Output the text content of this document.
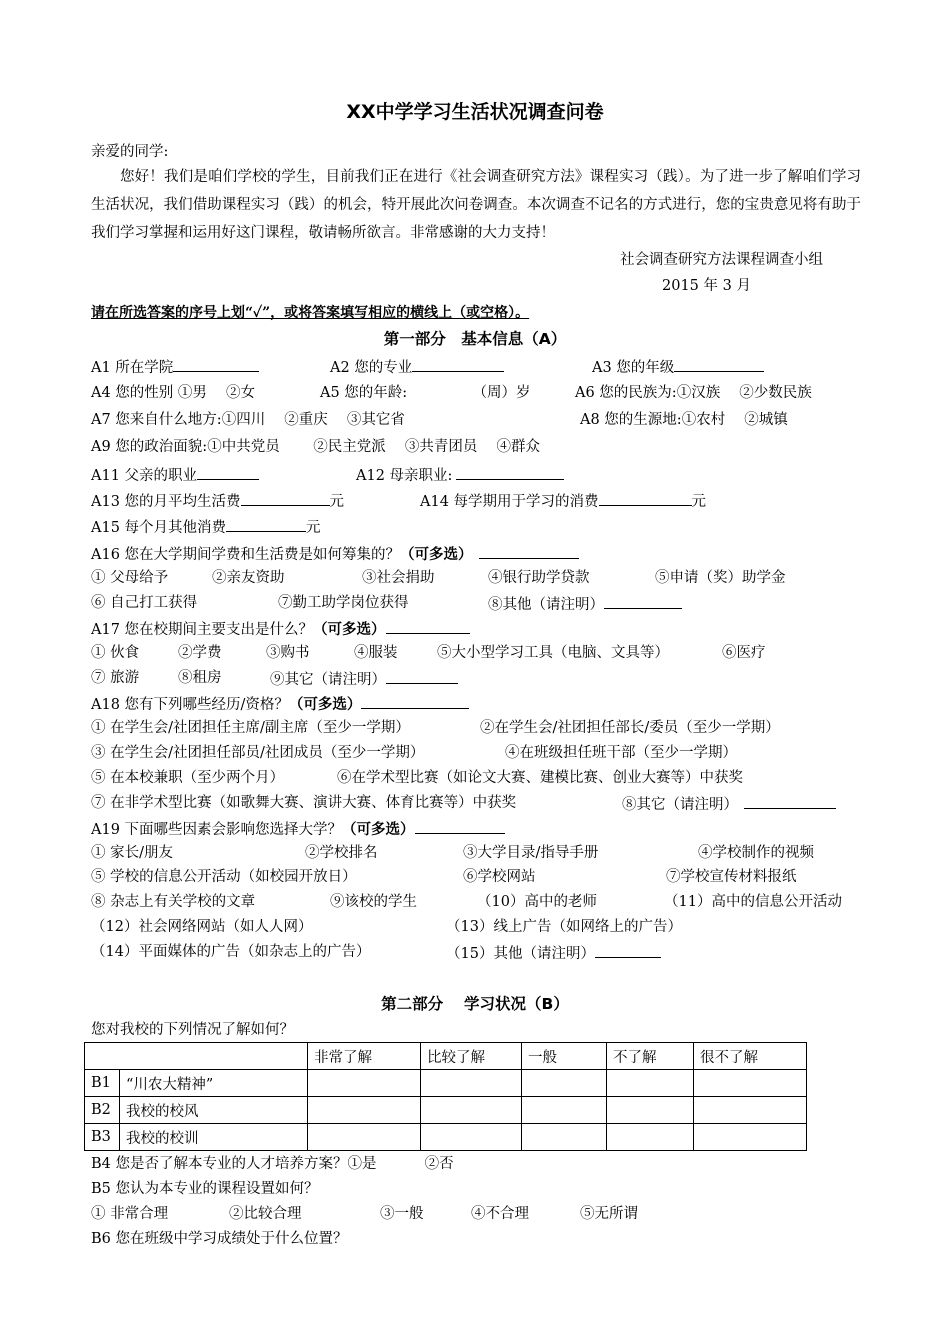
XX中学学习生活状况调查问卷
亲爱的同学:
您好！我们是咱们学校的学生，目前我们正在进行《社会调查研究方法》课程实习（践）。为了进一步了解咱们学习生活状况，我们借助课程实习（践）的机会，特开展此次问卷调查。本次调查不记名的方式进行，您的宝贵意见将有助于我们学习掌握和运用好这门课程，敬请畅所欲言。非常感谢的大力支持！
社会调查研究方法课程调查小组
2015 年 3 月
请在所选答案的序号上划“✓”，或将答案填写相应的横线上（或空格）。
第一部分　基本信息（A）
A1 所在学院	A2 您的专业	A3 您的年级
A4 您的性别 ①男　 ②女	A5 您的年龄:　　　　　（周）岁	A6 您的民族为:①汉族　 ②少数民族
A7 您来自什么地方:①四川　 ②重庆　 ③其它省	A8 您的生源地:①农村　 ②城镇
A9 您的政治面貌:①中共党员　　 ②民主党派　 ③共青团员　 ④群众
A11 父亲的职业	A12 母亲职业:
A13 您的月平均生活费	元	A14 每学期用于学习的消费	元
A15 每个月其他消费	元
A16 您在大学期间学费和生活费是如何筹集的？（可多选）
① 父母给予	②亲友资助	③社会捐助	④银行助学贷款	⑤申请（奖）助学金
⑥ 自己打工获得	⑦勤工助学岗位获得	⑧其他（请注明）
A17 您在校期间主要支出是什么？（可多选）
① 伙食	②学费	③购书	④服装	⑤大小型学习工具（电脑、文具等）	⑥医疗
⑦ 旅游	⑧租房	⑨其它（请注明）
A18 您有下列哪些经历/资格？（可多选）
① 在学生会/社团担任主席/副主席（至少一学期）	②在学生会/社团担任部长/委员（至少一学期）
③ 在学生会/社团担任部员/社团成员（至少一学期）	④在班级担任班干部（至少一学期）
⑤ 在本校兼职（至少两个月）	⑥在学术型比赛（如论文大赛、建模比赛、创业大赛等）中获奖
⑦ 在非学术型比赛（如歌舞大赛、演讲大赛、体育比赛等）中获奖	⑧其它（请注明）
A19 下面哪些因素会影响您选择大学？（可多选）
① 家长/朋友	②学校排名	③大学目录/指导手册	④学校制作的视频
⑤ 学校的信息公开活动（如校园开放日）	⑥学校网站	⑦学校宣传材料报纸
⑧ 杂志上有关学校的文章	⑨该校的学生	（10）高中的老师	（11）高中的信息公开活动
（12）社会网络网站（如人人网）	（13）线上广告（如网络上的广告）
（14）平面媒体的广告（如杂志上的广告）	（15）其他（请注明）
第二部分　 学习状况（B）
您对我校的下列情况了解如何？
		非常了解	比较了解	一般	不了解	很不了解
B1	“川农大精神”					
B2	我校的校风					
B3	我校的校训					
B4 您是否了解本专业的人才培养方案？①是　　　 ②否
B5 您认为本专业的课程设置如何？
① 非常合理	②比较合理	③一般	④不合理	⑤无所谓
B6 您在班级中学习成绩处于什么位置？
